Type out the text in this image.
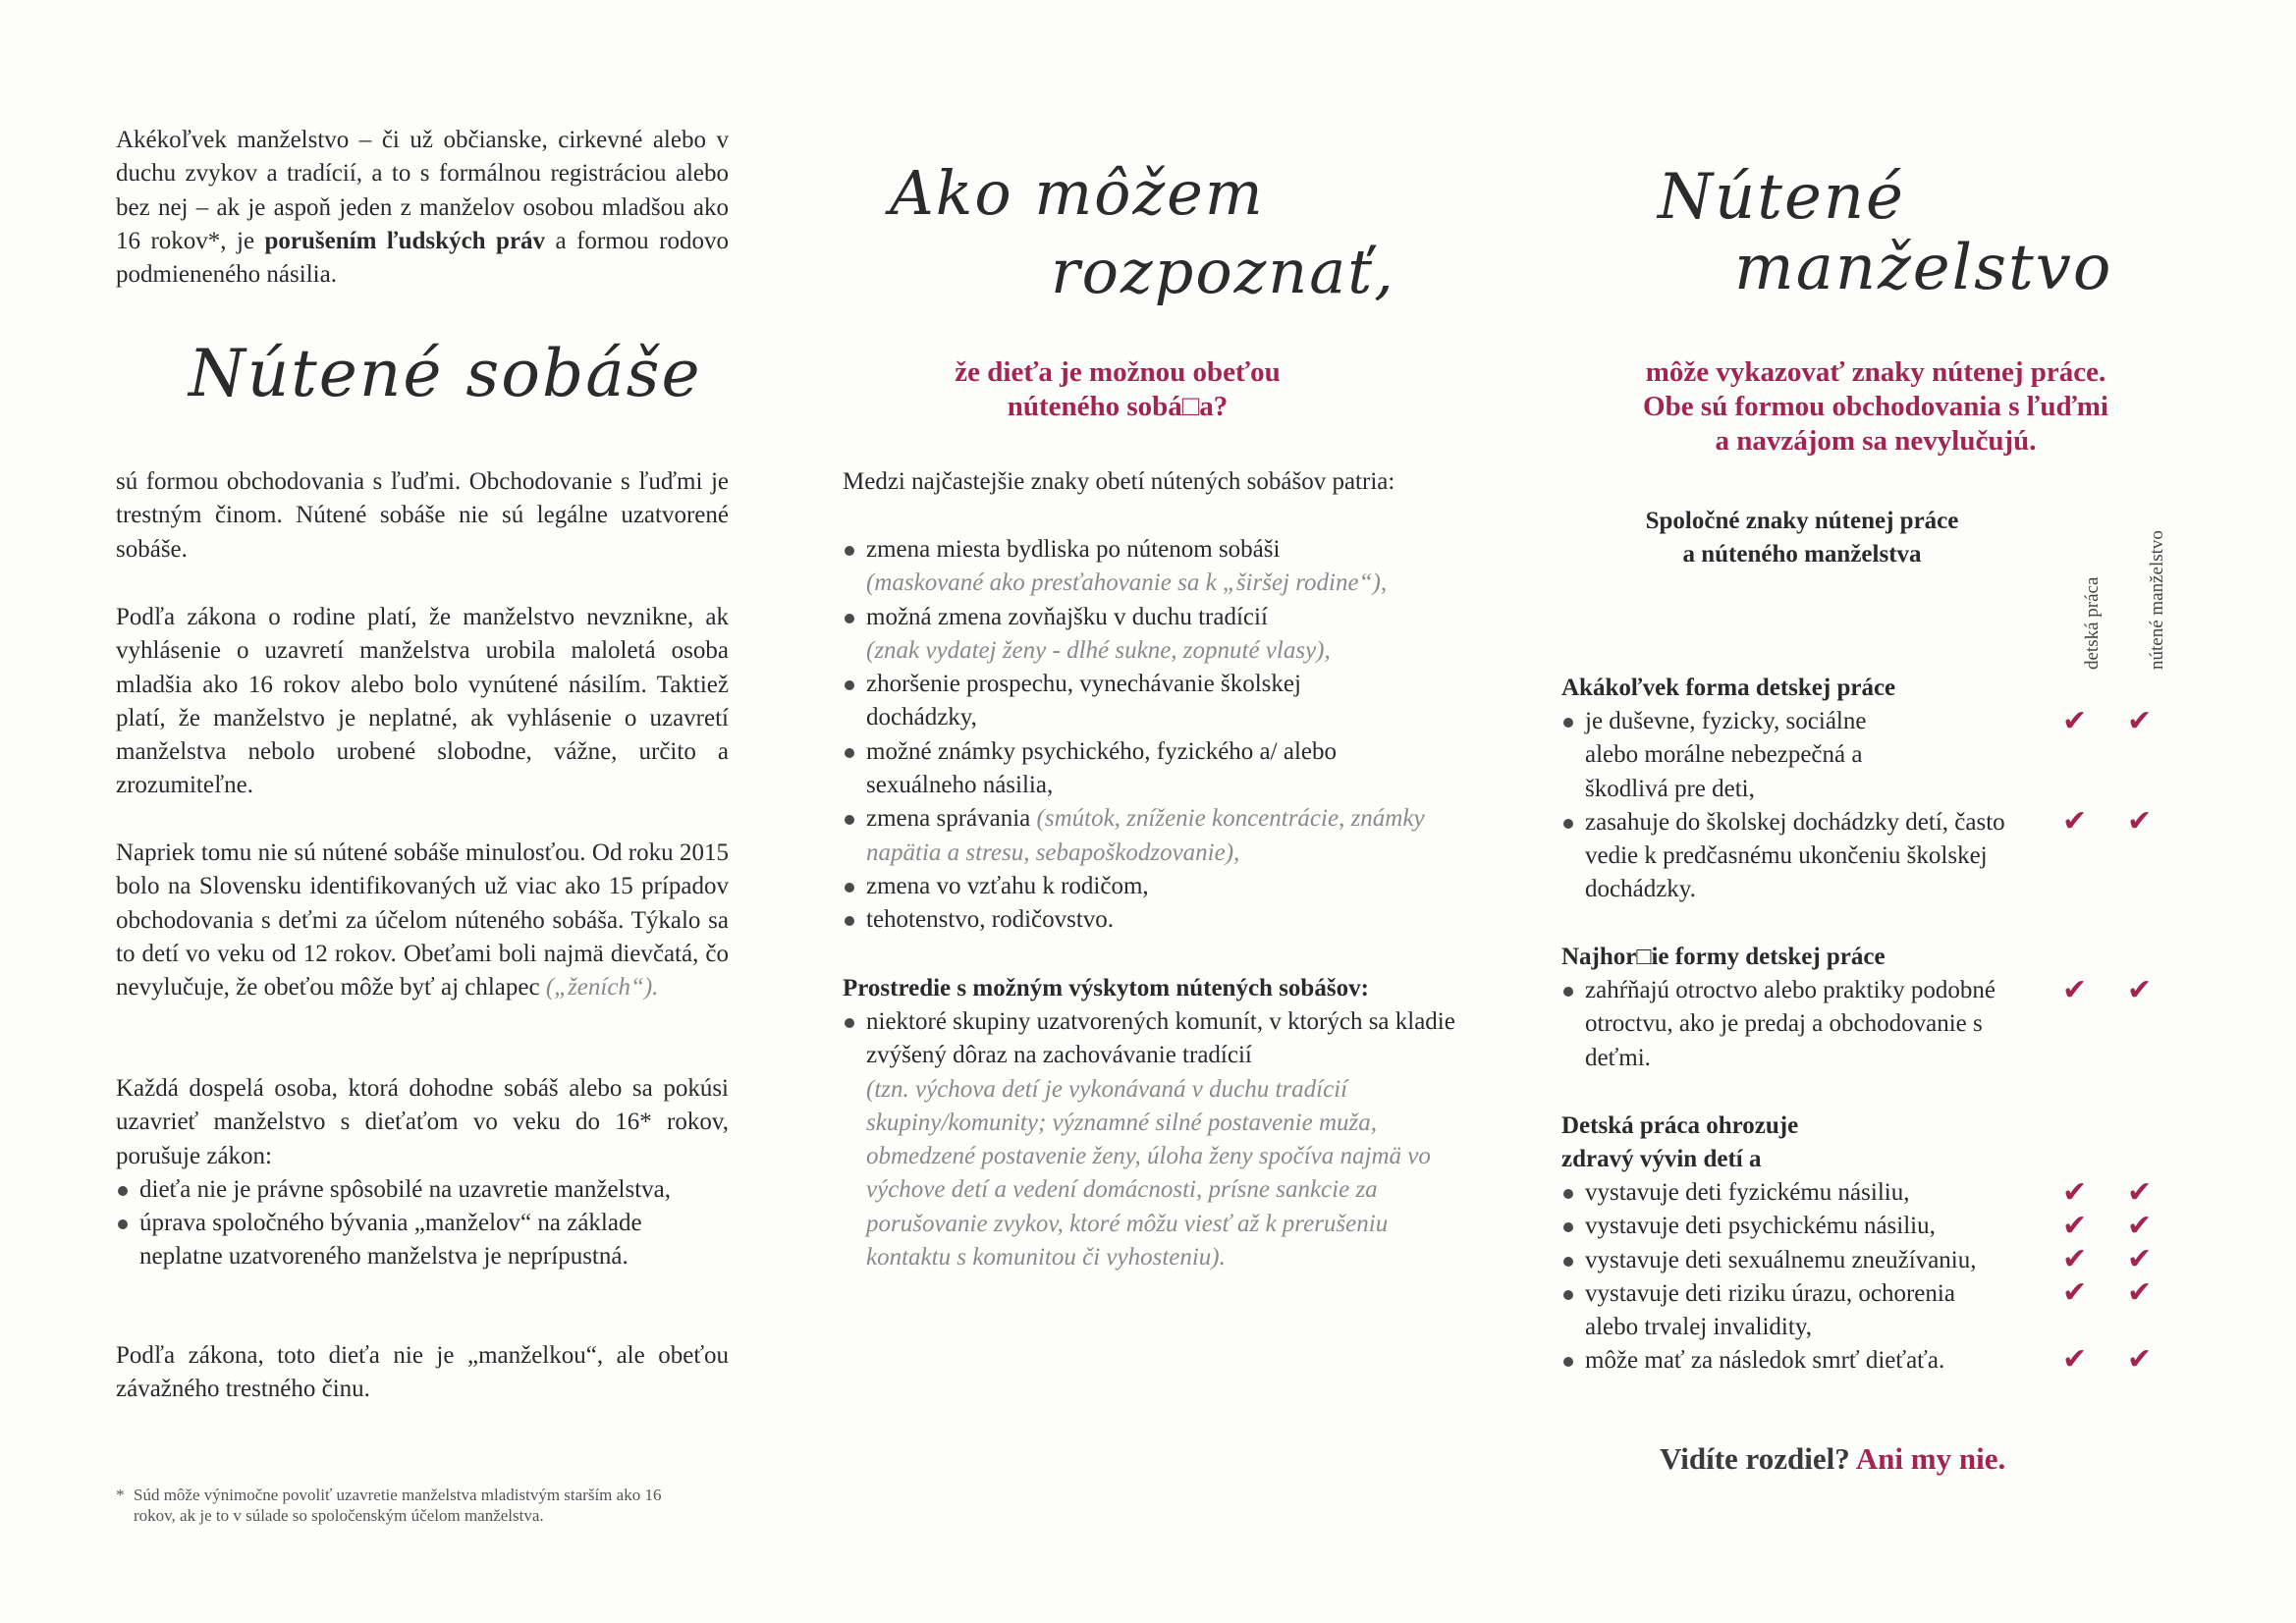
Akékoľvek manželstvo – či už občianske, cirkevné alebo v duchu zvykov a tradícií, a to s formálnou registráciou alebo bez nej – ak je aspoň jeden z manželov osobou mladšou ako 16 rokov*, je porušením ľudských práv a formou rodovo podmieneného násilia.

Nútené sobáše

sú formou obchodovania s ľuďmi. Obchodovanie s ľuďmi je trestným činom. Nútené sobáše nie sú legálne uzatvorené sobáše.

Podľa zákona o rodine platí, že manželstvo nevznikne, ak vyhlásenie o uzavretí manželstva urobila maloletá osoba mladšia ako 16 rokov alebo bolo vynútené násilím. Taktiež platí, že manželstvo je neplatné, ak vyhlásenie o uzavretí manželstva nebolo urobené slobodne, vážne, určito a zrozumiteľne.

Napriek tomu nie sú nútené sobáše minulosťou. Od roku 2015 bolo na Slovensku identifikovaných už viac ako 15 prípadov obchodovania s deťmi za účelom núteného sobáša. Týkalo sa to detí vo veku od 12 rokov. Obeťami boli najmä dievčatá, čo nevylučuje, že obeťou môže byť aj chlapec („ženích“).

Každá dospelá osoba, ktorá dohodne sobáš alebo sa pokúsi uzavrieť manželstvo s dieťaťom vo veku do 16* rokov, porušuje zákon:

dieťa nie je právne spôsobilé na uzavretie manželstva,
úprava spoločného bývania „manželov“ na základe neplatne uzatvoreného manželstva je neprípustná.

Podľa zákona, toto dieťa nie je „manželkou“, ale obeťou závažného trestného činu.

* Súd môže výnimočne povoliť uzavretie manželstva mladistvým starším ako 16 rokov, ak je to v súlade so spoločenským účelom manželstva.

Ako môžem
rozpoznať,
že dieťa je možnou obeťou
núteného sobá□a?

Medzi najčastejšie znaky obetí nútených sobášov patria:

zmena miesta bydliska po nútenom sobáši
(maskované ako presťahovanie sa k „širšej rodine“),
možná zmena zovňajšku v duchu tradícií
(znak vydatej ženy - dlhé sukne, zopnuté vlasy),
zhoršenie prospechu, vynechávanie školskej dochádzky,
možné známky psychického, fyzického a/ alebo sexuálneho násilia,
zmena správania (smútok, zníženie koncentrácie, známky napätia a stresu, sebapoškodzovanie),
zmena vo vzťahu k rodičom,
tehotenstvo, rodičovstvo.

Prostredie s možným výskytom nútených sobášov:

niektoré skupiny uzatvorených komunít, v ktorých sa kladie zvýšený dôraz na zachovávanie tradícií
(tzn. výchova detí je vykonávaná v duchu tradícií skupiny/komunity; významné silné postavenie muža, obmedzené postavenie ženy, úloha ženy spočíva najmä vo výchove detí a vedení domácnosti, prísne sankcie za porušovanie zvykov, ktoré môžu viesť až k prerušeniu kontaktu s komunitou či vyhosteniu).
Nútené
manželstvo
môže vykazovať znaky nútenej práce.
Obe sú formou obchodovania s ľuďmi
a navzájom sa nevylučujú.
Spoločné znaky nútenej práce
a núteného manželstva
detská práca nútené manželstvo
Akákoľvek forma detskej práce
je duševne, fyzicky, sociálne alebo morálne nebezpečná a škodlivá pre deti,
zasahuje do školskej dochádzky detí, často vedie k predčasnému ukončeniu školskej dochádzky.
Najhor□ie formy detskej práce
zahŕňajú otroctvo alebo praktiky podobné otroctvu, ako je predaj a obchodovanie s deťmi.
Detská práca ohrozuje zdravý vývin detí a
vystavuje deti fyzickému násiliu,
vystavuje deti psychickému násiliu,
vystavuje deti sexuálnemu zneužívaniu,
vystavuje deti riziku úrazu, ochorenia alebo trvalej invalidity,
môže mať za následok smrť dieťaťa.
✔ ✔
✔ ✔
✔ ✔
✔ ✔
✔ ✔
✔ ✔
✔ ✔
✔ ✔
Vidíte rozdiel? Ani my nie.
